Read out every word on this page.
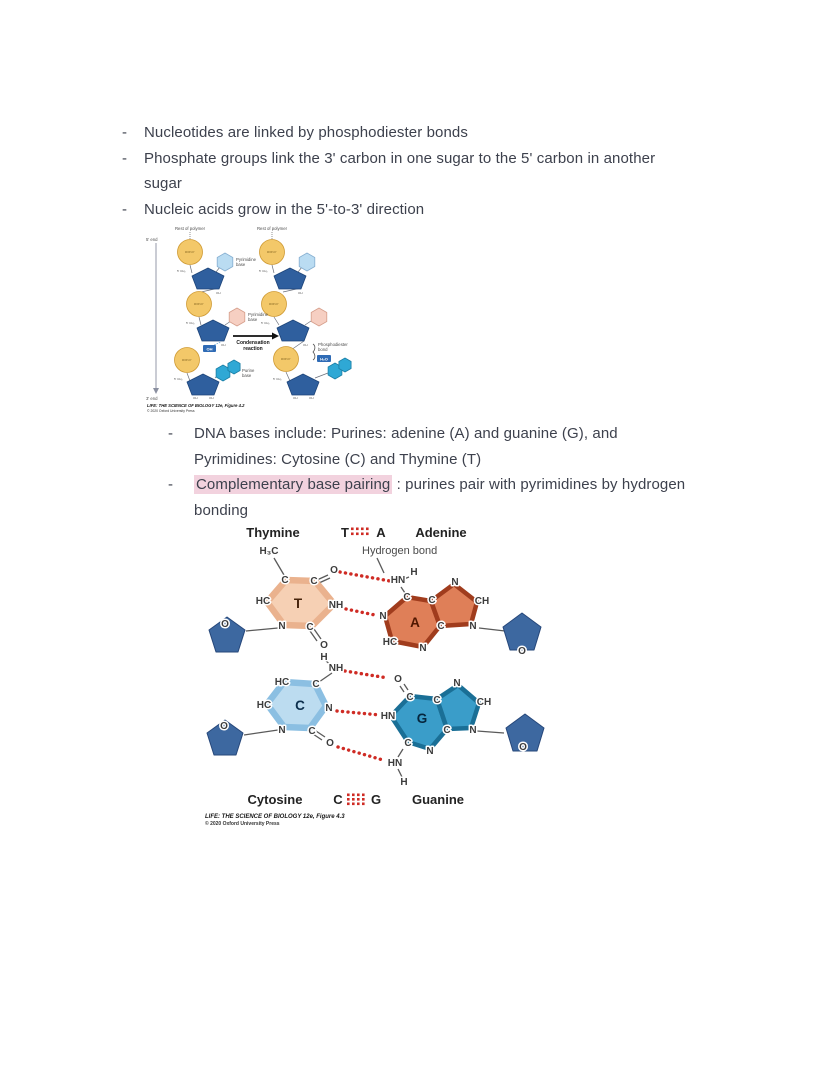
- Nucleotides are linked by phosphodiester bonds
- Phosphate groups link the 3' carbon in one sugar to the 5' carbon in another
sugar
- Nucleic acids grow in the 5'-to-3' direction
5' end
3' end
Rest of polymer	Rest of polymer
O=P-O⁻
O=P-O⁻
O=P-O⁻
O=P-O⁻
O=P-O⁻
O=P-O⁻
Pyrimidine
base
Pyrimidine
base
Purine
base
5' CH₂
5' CH₂
5' CH₂
5' CH₂
5' CH₂
5' CH₂
OH
OH
OH	OH
OH
OH
OH	OH
OH
Condensation
reaction
Phosphodiester
bond
H₂O
LIFE: THE SCIENCE OF BIOLOGY 12e, Figure 4.2
© 2020 Oxford University Press
- DNA bases include: Purines: adenine (A) and guanine (G), and
Pyrimidines: Cytosine (C) and Thymine (T)
- Complementary base pairing : purines pair with pyrimidines by hydrogen
bonding
Thymine	T A Adenine
Hydrogen bond
O
O
O
O
T
H₃C
C C
O
HC	NH
N C
O
A
HN
H
C
N
HC
N
C
C
N
CH
N
C
H
NH
HC C
HC	N
N C
O
G
O
C C
N
CH
N
C
N
C
HN
HN
H
Cytosine C G Guanine
LIFE: THE SCIENCE OF BIOLOGY 12e, Figure 4.3
© 2020 Oxford University Press
